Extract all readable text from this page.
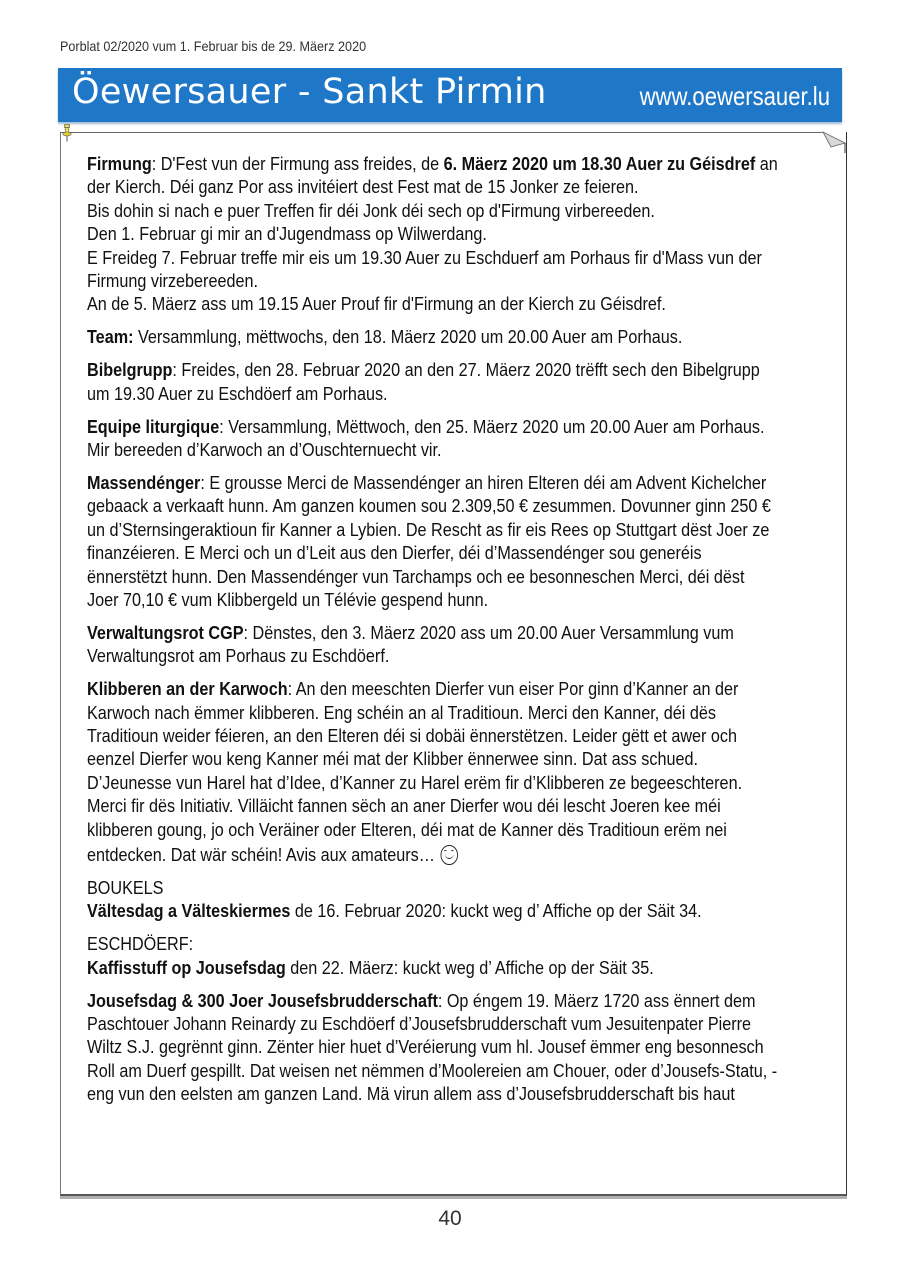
Porblat 02/2020 vum 1. Februar bis de 29. Mäerz 2020
Öewersauer - Sankt Pirmin	www.oewersauer.lu

Firmung: D'Fest vun der Firmung ass freides, de 6. Mäerz 2020 um 18.30 Auer zu Géisdref an
der Kierch. Déi ganz Por ass invitéiert dest Fest mat de 15 Jonker ze feieren.
Bis dohin si nach e puer Treffen fir déi Jonk déi sech op d'Firmung virbereeden.
Den 1. Februar gi mir an d'Jugendmass op Wilwerdang.
E Freideg 7. Februar treffe mir eis um 19.30 Auer zu Eschduerf am Porhaus fir d'Mass vun der
Firmung virzebereeden.
An de 5. Mäerz ass um 19.15 Auer Prouf fir d'Firmung an der Kierch zu Géisdref.

Team: Versammlung, mëttwochs, den 18. Mäerz 2020 um 20.00 Auer am Porhaus.

Bibelgrupp: Freides, den 28. Februar 2020 an den 27. Mäerz 2020 trëfft sech den Bibelgrupp
um 19.30 Auer zu Eschdöerf am Porhaus.

Equipe liturgique: Versammlung, Mëttwoch, den 25. Mäerz 2020 um 20.00 Auer am Porhaus.
Mir bereeden d’Karwoch an d’Ouschternuecht vir.

Massendénger: E grousse Merci de Massendénger an hiren Elteren déi am Advent Kichelcher
gebaack a verkaaft hunn. Am ganzen koumen sou 2.309,50 € zesummen. Dovunner ginn 250 €
un d’Sternsingeraktioun fir Kanner a Lybien. De Rescht as fir eis Rees op Stuttgart dëst Joer ze
finanzéieren. E Merci och un d’Leit aus den Dierfer, déi d’Massendénger sou generéis
ënnerstëtzt hunn. Den Massendénger vun Tarchamps och ee besonneschen Merci, déi dëst
Joer 70,10 € vum Klibbergeld un Télévie gespend hunn.

Verwaltungsrot CGP: Dënstes, den 3. Mäerz 2020 ass um 20.00 Auer Versammlung vum
Verwaltungsrot am Porhaus zu Eschdöerf.

Klibberen an der Karwoch: An den meeschten Dierfer vun eiser Por ginn d’Kanner an der
Karwoch nach ëmmer klibberen. Eng schéin an al Traditioun. Merci den Kanner, déi dës
Traditioun weider féieren, an den Elteren déi si dobäi ënnerstëtzen. Leider gëtt et awer och
eenzel Dierfer wou keng Kanner méi mat der Klibber ënnerwee sinn. Dat ass schued.
D’Jeunesse vun Harel hat d’Idee, d’Kanner zu Harel erëm fir d’Klibberen ze begeeschteren.
Merci fir dës Initiativ. Villäicht fannen sëch an aner Dierfer wou déi lescht Joeren kee méi
klibberen goung, jo och Veräiner oder Elteren, déi mat de Kanner dës Traditioun erëm nei
entdecken. Dat wär schéin! Avis aux amateurs…

BOUKELS
Vältesdag a Välteskiermes de 16. Februar 2020: kuckt weg d’ Affiche op der Säit 34.

ESCHDÖERF:
Kaffisstuff op Jousefsdag den 22. Mäerz: kuckt weg d’ Affiche op der Säit 35.

Jousefsdag & 300 Joer Jousefsbrudderschaft: Op éngem 19. Mäerz 1720 ass ënnert dem
Paschtouer Johann Reinardy zu Eschdöerf d’Jousefsbrudderschaft vum Jesuitenpater Pierre
Wiltz S.J. gegrënnt ginn. Zënter hier huet d’Veréierung vum hl. Jousef ëmmer eng besonnesch
Roll am Duerf gespillt. Dat weisen net nëmmen d’Moolereien am Chouer, oder d’Jousefs-Statu, -
eng vun den eelsten am ganzen Land. Mä virun allem ass d’Jousefsbrudderschaft bis haut

40
